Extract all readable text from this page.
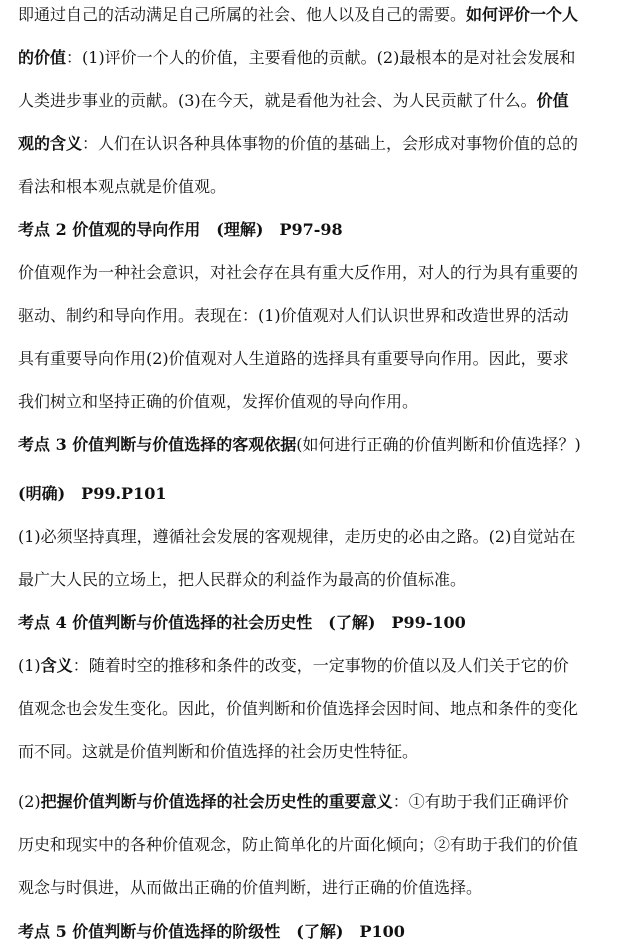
即通过自己的活动满足自己所属的社会、他人以及自己的需要。如何评价一个人
的价值：(1)评价一个人的价值，主要看他的贡献。(2)最根本的是对社会发展和
人类进步事业的贡献。(3)在今天，就是看他为社会、为人民贡献了什么。价值
观的含义：人们在认识各种具体事物的价值的基础上，会形成对事物价值的总的
看法和根本观点就是价值观。
考点 2 价值观的导向作用 (理解) P97-98
价值观作为一种社会意识，对社会存在具有重大反作用，对人的行为具有重要的
驱动、制约和导向作用。表现在：(1)价值观对人们认识世界和改造世界的活动
具有重要导向作用(2)价值观对人生道路的选择具有重要导向作用。因此，要求
我们树立和坚持正确的价值观，发挥价值观的导向作用。
考点 3 价值判断与价值选择的客观依据(如何进行正确的价值判断和价值选择？)
(明确) P99.P101
(1)必须坚持真理，遵循社会发展的客观规律，走历史的必由之路。(2)自觉站在
最广大人民的立场上，把人民群众的利益作为最高的价值标准。
考点 4 价值判断与价值选择的社会历史性 (了解) P99-100
(1)含义：随着时空的推移和条件的改变，一定事物的价值以及人们关于它的价
值观念也会发生变化。因此，价值判断和价值选择会因时间、地点和条件的变化
而不同。这就是价值判断和价值选择的社会历史性特征。
(2)把握价值判断与价值选择的社会历史性的重要意义：①有助于我们正确评价
历史和现实中的各种价值观念，防止简单化的片面化倾向；②有助于我们的价值
观念与时俱进，从而做出正确的价值判断，进行正确的价值选择。
考点 5 价值判断与价值选择的阶级性 (了解) P100
